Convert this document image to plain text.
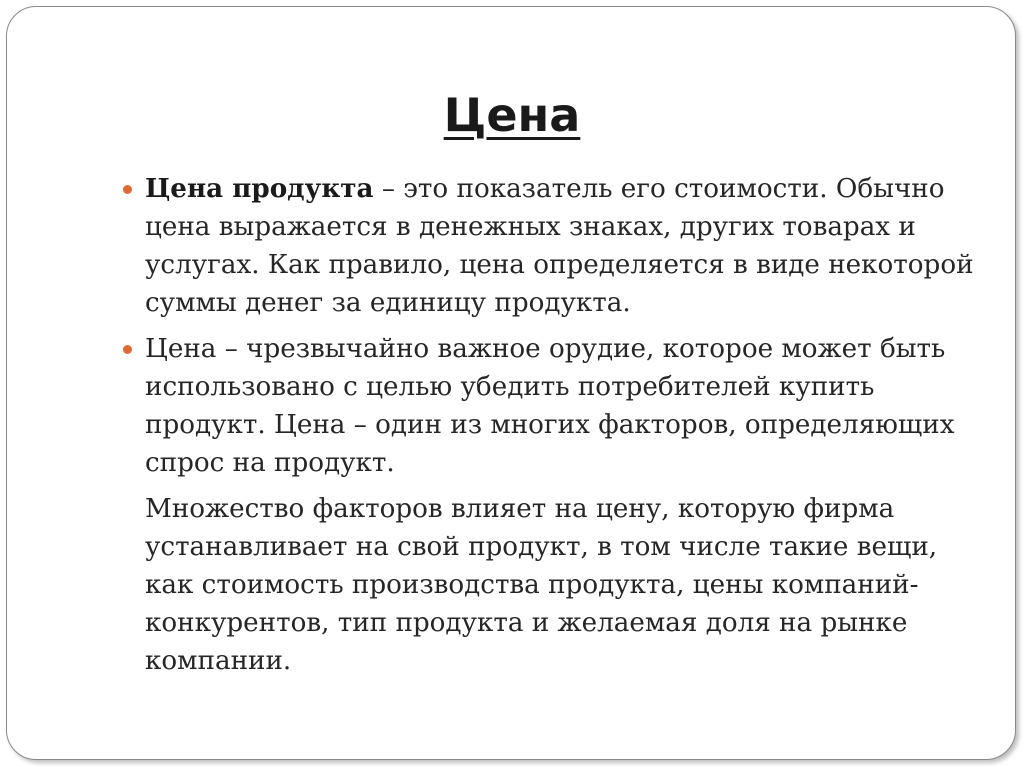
Цена

Цена продукта – это показатель его стоимости. Обычно цена выражается в денежных знаках, других товарах и услугах. Как правило, цена определяется в виде некоторой суммы денег за единицу продукта.

Цена – чрезвычайно важное орудие, которое может быть использовано с целью убедить потребителей купить продукт. Цена – один из многих факторов, определяющих спрос на продукт.

Множество факторов влияет на цену, которую фирма устанавливает на свой продукт, в том числе такие вещи, как стоимость производства продукта, цены компаний-конкурентов, тип продукта и желаемая доля на рынке компании.
